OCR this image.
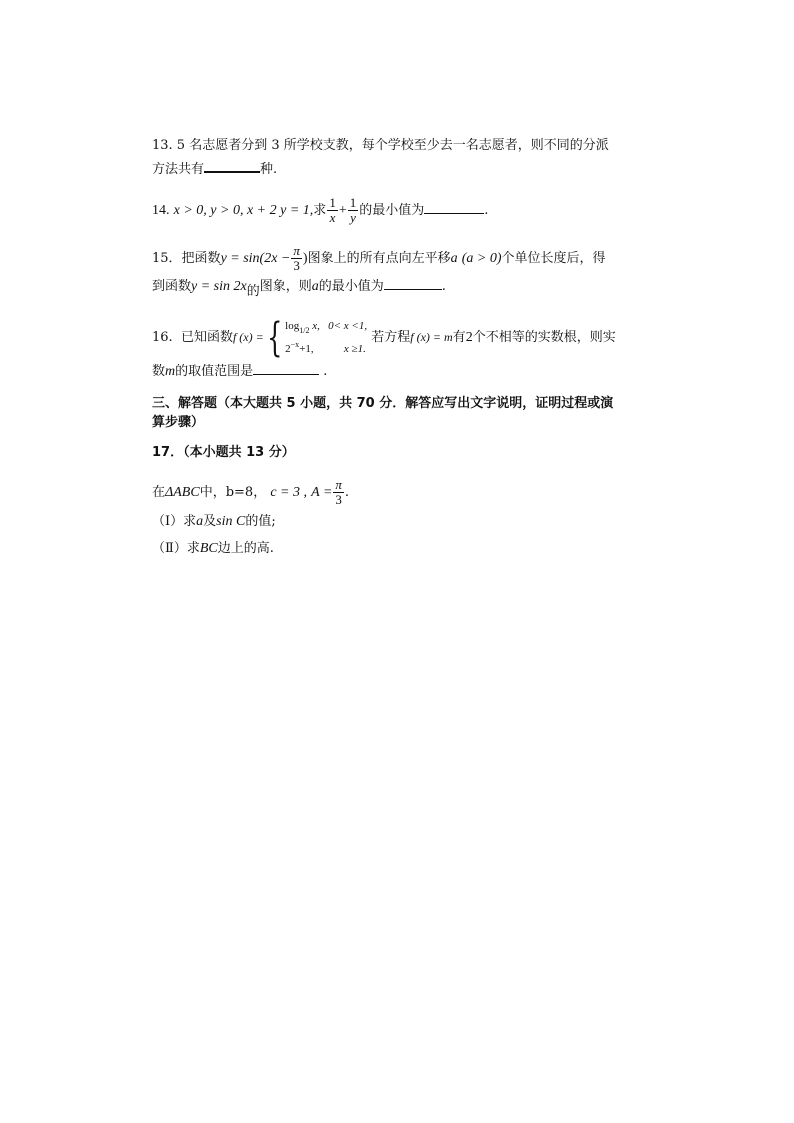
13. 5 名志愿者分到 3 所学校支教，每个学校至少去一名志愿者，则不同的分派
方法共有	种.
14. x > 0, y > 0, x + 2 y = 1,求 $\frac{1}{x} + \frac{1}{y}$ 的最小值为	.
15．把函数$y = \sin(2x - \frac{\pi}{3}$ )图象上的所有点向左平移a (a > 0)个单位长度后，得
到函数y = sin 2x的图象，则a的最小值为	.
16. 已知函数f (x) ={ $\log_{1/2} x$, 0< x <1,
$2^{-x}+1$,	x ≥1.
若方程f (x) = m有2个不相等的实数根，则实
数m的取值范围是	.
三、解答题（本大题共 5 小题，共 70 分．解答应写出文字说明，证明过程或演
算步骤）
17．（本小题共 13 分）
在ΔABC中，b=8， c = 3 , $A = \frac{\pi}{3}$ .
（Ⅰ）求a及sin C的值;
（Ⅱ）求BC边上的高.
